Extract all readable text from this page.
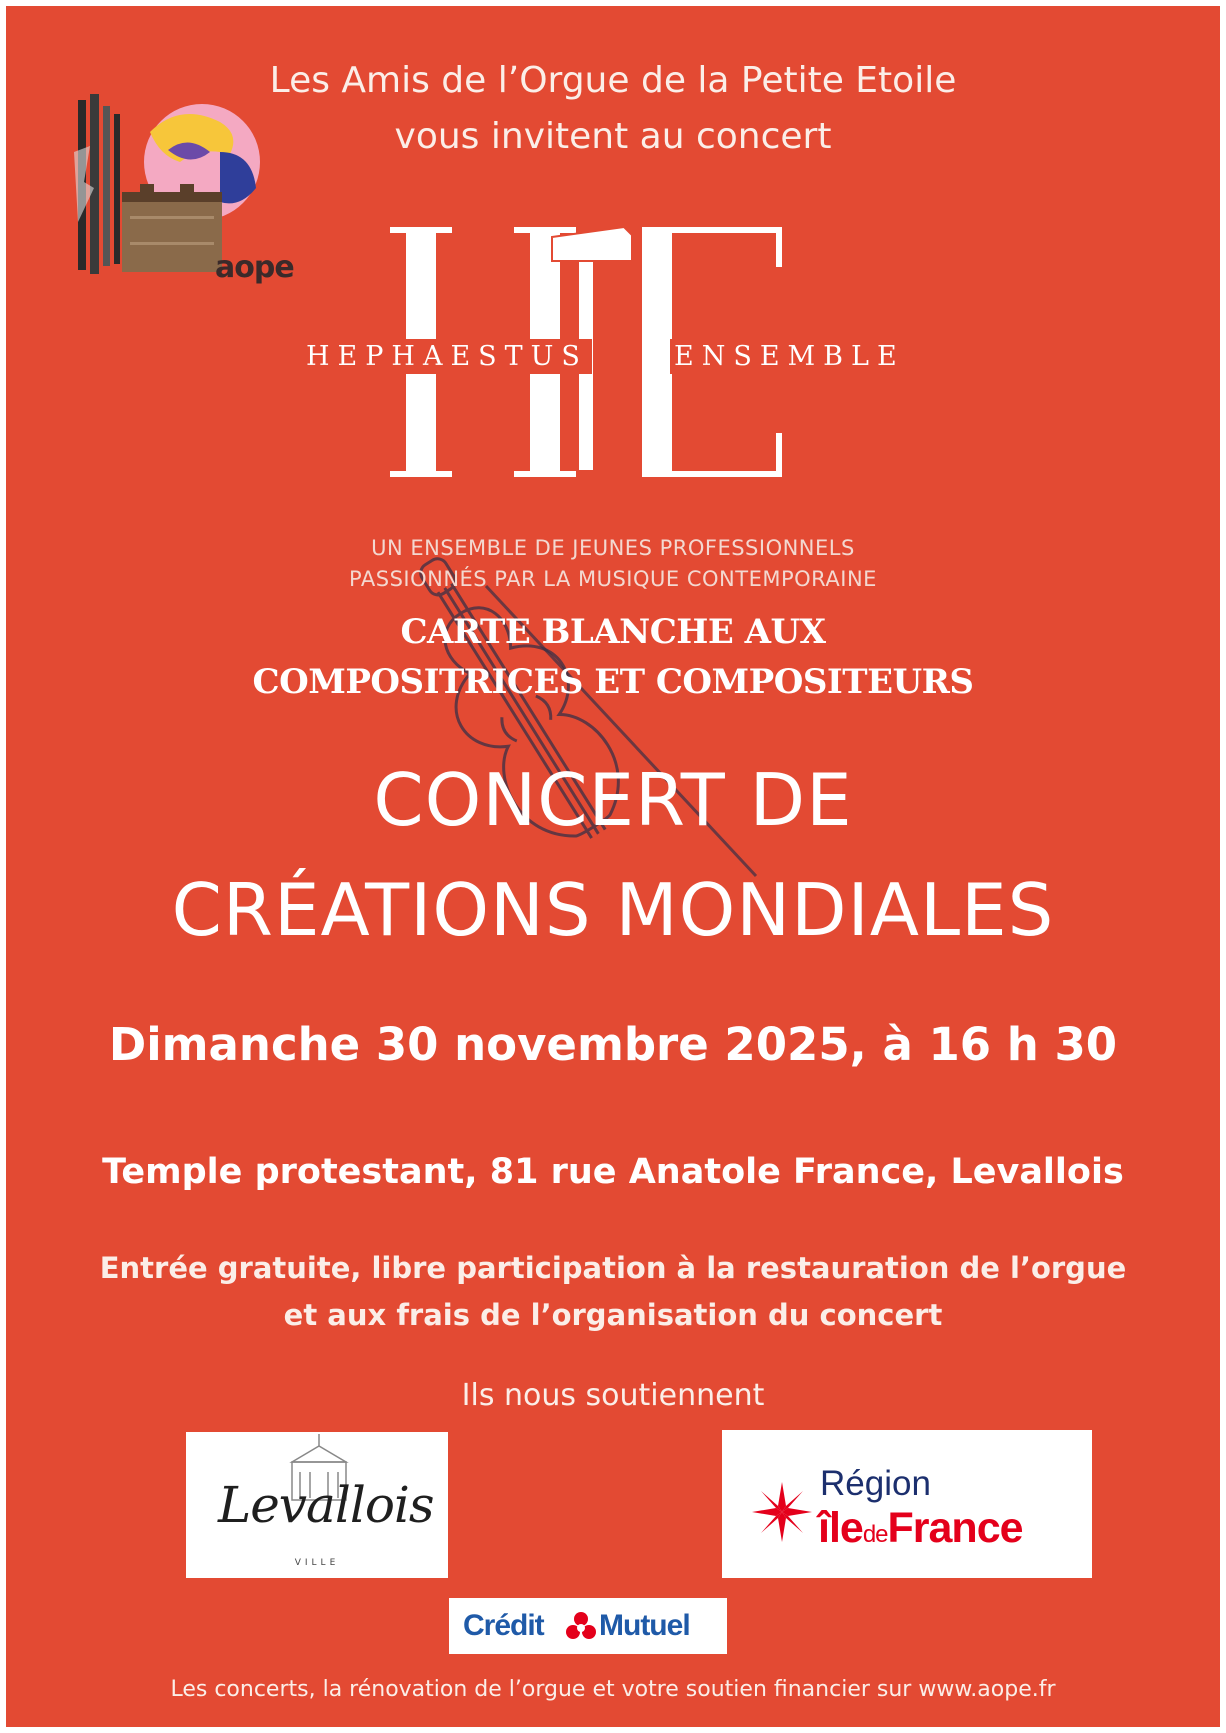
aope
Les Amis de l’Orgue de la Petite Etoile
vous invitent au concert
HEPHAESTUS	ENSEMBLE
UN ENSEMBLE DE JEUNES PROFESSIONNELS
PASSIONNÉS PAR LA MUSIQUE CONTEMPORAINE
CARTE BLANCHE AUX
COMPOSITRICES ET COMPOSITEURS
CONCERT DE
CRÉATIONS MONDIALES
Dimanche 30 novembre 2025, à 16 h 30
Temple protestant, 81 rue Anatole France, Levallois
Entrée gratuite, libre participation à la restauration de l’orgue
et aux frais de l’organisation du concert
Ils nous soutiennent
Levallois
VILLE
Région
îledeFrance
Crédit Mutuel
Les concerts, la rénovation de l’orgue et votre soutien financier sur www.aope.fr
